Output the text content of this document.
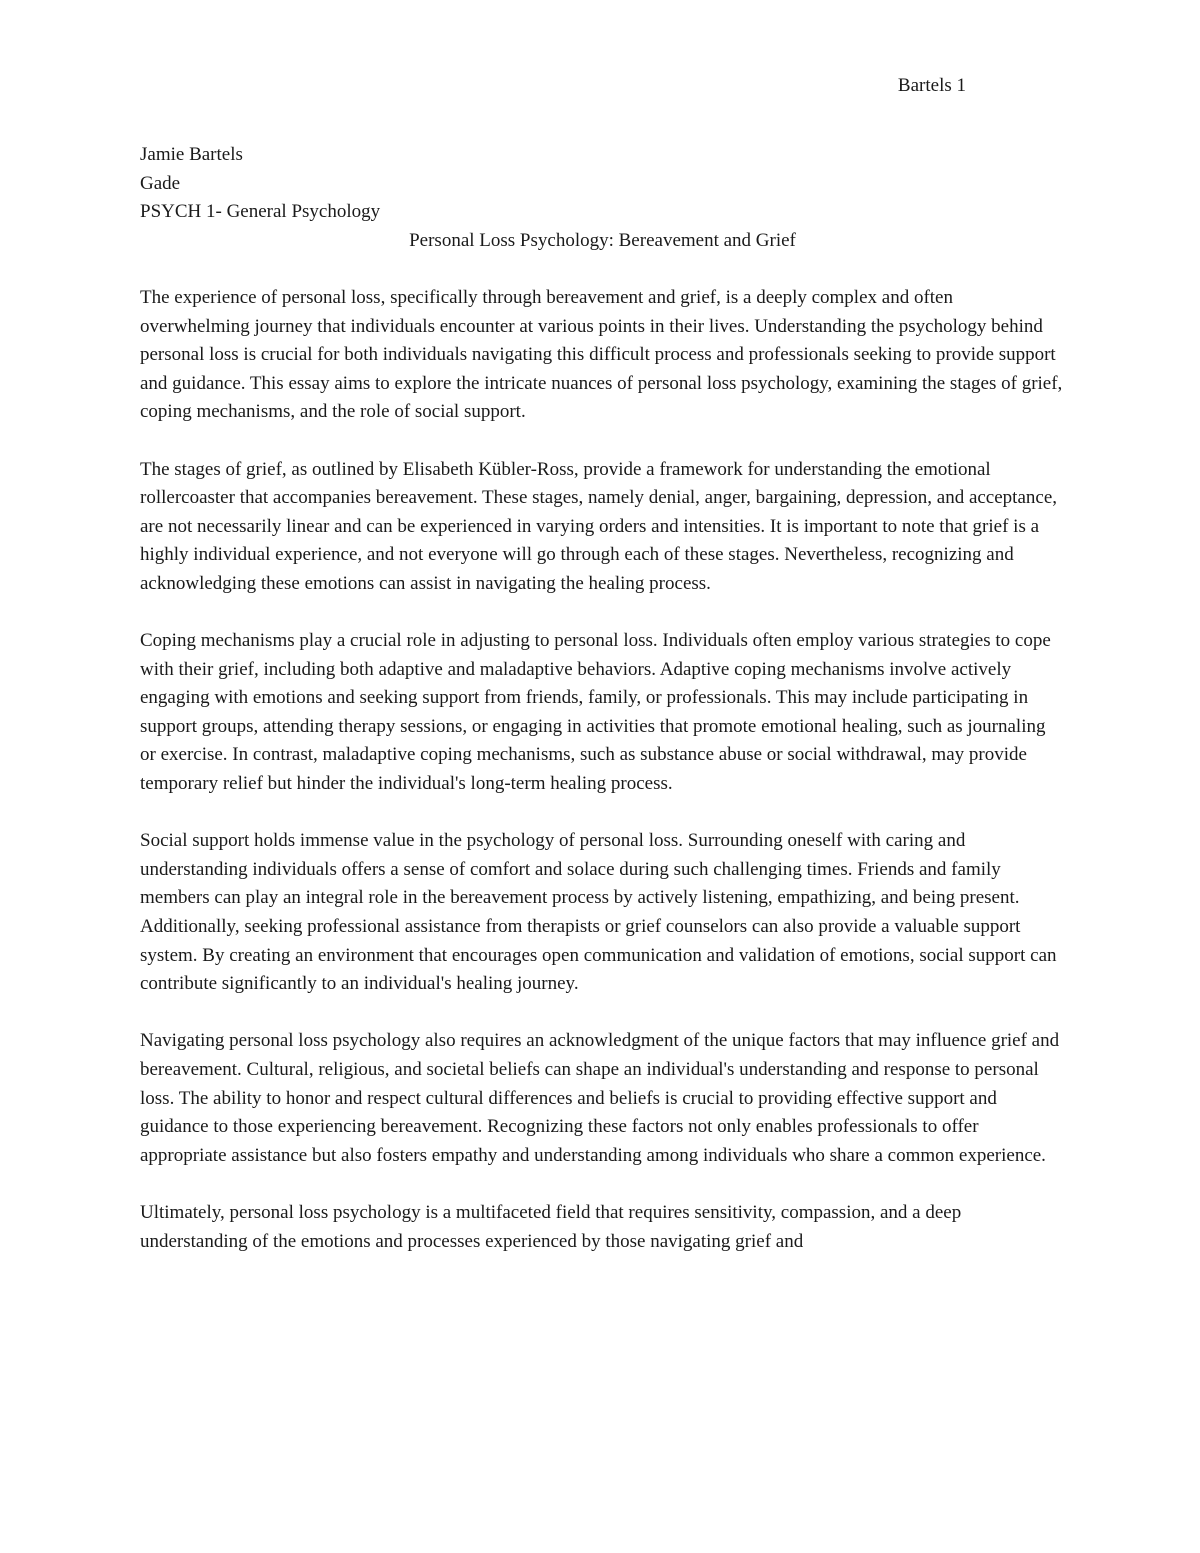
Bartels 1
Jamie Bartels
Gade
PSYCH 1- General Psychology
Personal Loss Psychology: Bereavement and Grief

The experience of personal loss, specifically through bereavement and grief, is a deeply complex and often overwhelming journey that individuals encounter at various points in their lives. Understanding the psychology behind personal loss is crucial for both individuals navigating this difficult process and professionals seeking to provide support and guidance. This essay aims to explore the intricate nuances of personal loss psychology, examining the stages of grief, coping mechanisms, and the role of social support.

The stages of grief, as outlined by Elisabeth Kübler-Ross, provide a framework for understanding the emotional rollercoaster that accompanies bereavement. These stages, namely denial, anger, bargaining, depression, and acceptance, are not necessarily linear and can be experienced in varying orders and intensities. It is important to note that grief is a highly individual experience, and not everyone will go through each of these stages. Nevertheless, recognizing and acknowledging these emotions can assist in navigating the healing process.

Coping mechanisms play a crucial role in adjusting to personal loss. Individuals often employ various strategies to cope with their grief, including both adaptive and maladaptive behaviors. Adaptive coping mechanisms involve actively engaging with emotions and seeking support from friends, family, or professionals. This may include participating in support groups, attending therapy sessions, or engaging in activities that promote emotional healing, such as journaling or exercise. In contrast, maladaptive coping mechanisms, such as substance abuse or social withdrawal, may provide temporary relief but hinder the individual's long-term healing process.

Social support holds immense value in the psychology of personal loss. Surrounding oneself with caring and understanding individuals offers a sense of comfort and solace during such challenging times. Friends and family members can play an integral role in the bereavement process by actively listening, empathizing, and being present. Additionally, seeking professional assistance from therapists or grief counselors can also provide a valuable support system. By creating an environment that encourages open communication and validation of emotions, social support can contribute significantly to an individual's healing journey.

Navigating personal loss psychology also requires an acknowledgment of the unique factors that may influence grief and bereavement. Cultural, religious, and societal beliefs can shape an individual's understanding and response to personal loss. The ability to honor and respect cultural differences and beliefs is crucial to providing effective support and guidance to those experiencing bereavement. Recognizing these factors not only enables professionals to offer appropriate assistance but also fosters empathy and understanding among individuals who share a common experience.

Ultimately, personal loss psychology is a multifaceted field that requires sensitivity, compassion, and a deep understanding of the emotions and processes experienced by those navigating grief and
